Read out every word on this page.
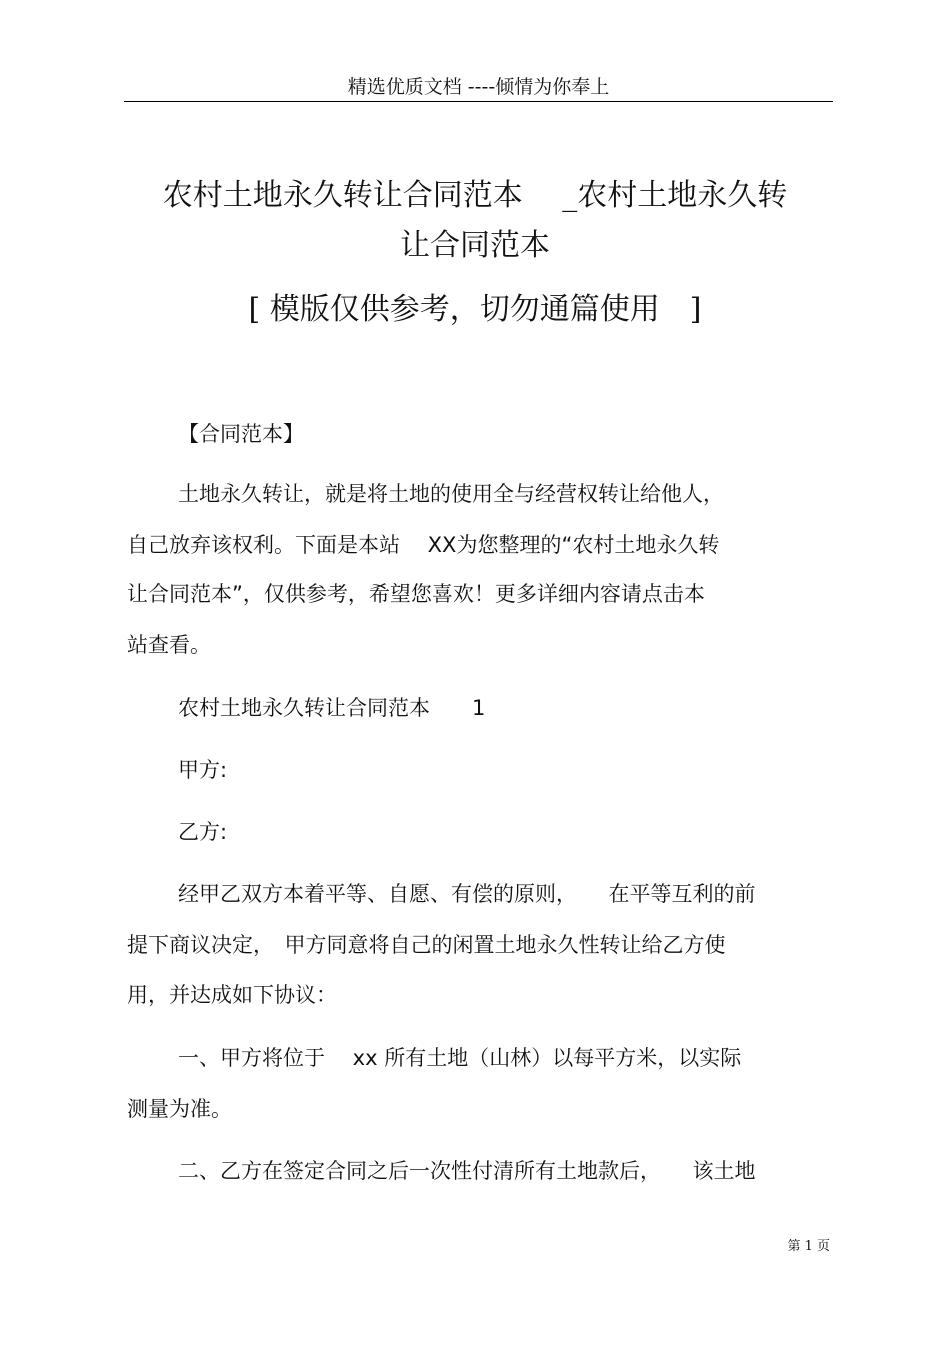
精选优质文档 ----倾情为你奉上
农村土地永久转让合同范本　 _农村土地永久转
让合同范本
[ 模版仅供参考，切勿通篇使用　]
【合同范本】
土地永久转让，就是将土地的使用全与经营权转让给他人，
自己放弃该权利。下面是本站　 XX为您整理的“农村土地永久转
让合同范本”，仅供参考，希望您喜欢！更多详细内容请点击本
站查看。
农村土地永久转让合同范本　　1
甲方:
乙方:
经甲乙双方本着平等、自愿、有偿的原则，　　在平等互利的前
提下商议决定，　甲方同意将自己的闲置土地永久性转让给乙方使
用，并达成如下协议：
一、甲方将位于　 xx 所有土地（山林）以每平方米，以实际
测量为准。
二、乙方在签定合同之后一次性付清所有土地款后，　　该土地
第 1 页
